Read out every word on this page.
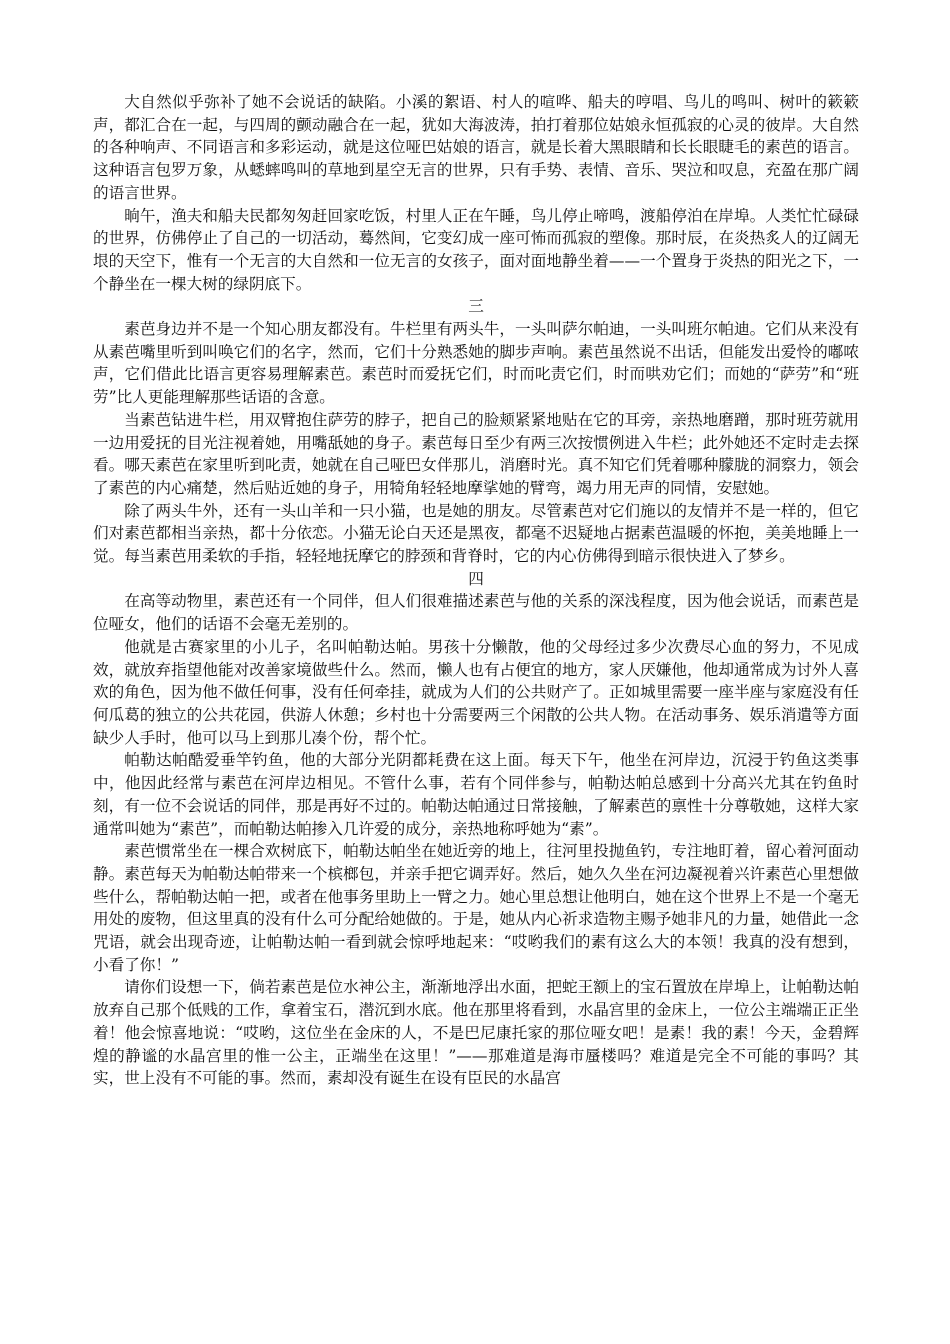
大自然似乎弥补了她不会说话的缺陷。小溪的絮语、村人的喧哗、船夫的哼唱、鸟儿的鸣叫、树叶的簌簌声，都汇合在一起，与四周的颤动融合在一起，犹如大海波涛，拍打着那位姑娘永恒孤寂的心灵的彼岸。大自然的各种响声、不同语言和多彩运动，就是这位哑巴姑娘的语言，就是长着大黑眼睛和长长眼睫毛的素芭的语言。这种语言包罗万象，从蟋蟀鸣叫的草地到星空无言的世界，只有手势、表情、音乐、哭泣和叹息，充盈在那广阔的语言世界。

晌午，渔夫和船夫民都匆匆赶回家吃饭，村里人正在午睡，鸟儿停止啼鸣，渡船停泊在岸埠。人类忙忙碌碌的世界，仿佛停止了自己的一切活动，蓦然间，它变幻成一座可怖而孤寂的塑像。那时辰，在炎热炙人的辽阔无垠的天空下，惟有一个无言的大自然和一位无言的女孩子，面对面地静坐着——一个置身于炎热的阳光之下，一个静坐在一棵大树的绿阴底下。

三

素芭身边并不是一个知心朋友都没有。牛栏里有两头牛，一头叫萨尔帕迪，一头叫班尔帕迪。它们从来没有从素芭嘴里听到叫唤它们的名字，然而，它们十分熟悉她的脚步声响。素芭虽然说不出话，但能发出爱怜的嘟哝声，它们借此比语言更容易理解素芭。素芭时而爱抚它们，时而叱责它们，时而哄劝它们；而她的“萨劳”和“班劳”比人更能理解那些话语的含意。

当素芭钻进牛栏，用双臂抱住萨劳的脖子，把自己的脸颊紧紧地贴在它的耳旁，亲热地磨蹭，那时班劳就用一边用爱抚的目光注视着她，用嘴舐她的身子。素芭每日至少有两三次按惯例进入牛栏；此外她还不定时走去探看。哪天素芭在家里听到叱责，她就在自己哑巴女伴那儿，消磨时光。真不知它们凭着哪种朦胧的洞察力，领会了素芭的内心痛楚，然后贴近她的身子，用犄角轻轻地摩挲她的臂弯，竭力用无声的同情，安慰她。

除了两头牛外，还有一头山羊和一只小猫，也是她的朋友。尽管素芭对它们施以的友情并不是一样的，但它们对素芭都相当亲热，都十分依恋。小猫无论白天还是黑夜，都毫不迟疑地占据素芭温暖的怀抱，美美地睡上一觉。每当素芭用柔软的手指，轻轻地抚摩它的脖颈和背脊时，它的内心仿佛得到暗示很快进入了梦乡。

四

在高等动物里，素芭还有一个同伴，但人们很难描述素芭与他的关系的深浅程度，因为他会说话，而素芭是位哑女，他们的话语不会毫无差别的。

他就是古赛家里的小儿子，名叫帕勒达帕。男孩十分懒散，他的父母经过多少次费尽心血的努力，不见成效，就放弃指望他能对改善家境做些什么。然而，懒人也有占便宜的地方，家人厌嫌他，他却通常成为讨外人喜欢的角色，因为他不做任何事，没有任何牵挂，就成为人们的公共财产了。正如城里需要一座半座与家庭没有任何瓜葛的独立的公共花园，供游人休憩；乡村也十分需要两三个闲散的公共人物。在活动事务、娱乐消遣等方面缺少人手时，他可以马上到那儿凑个份，帮个忙。

帕勒达帕酷爱垂竿钓鱼，他的大部分光阴都耗费在这上面。每天下午，他坐在河岸边，沉浸于钓鱼这类事中，他因此经常与素芭在河岸边相见。不管什么事，若有个同伴参与，帕勒达帕总感到十分高兴尤其在钓鱼时刻，有一位不会说话的同伴，那是再好不过的。帕勒达帕通过日常接触，了解素芭的禀性十分尊敬她，这样大家通常叫她为“素芭”，而帕勒达帕掺入几许爱的成分，亲热地称呼她为“素”。

素芭惯常坐在一棵合欢树底下，帕勒达帕坐在她近旁的地上，往河里投抛鱼钓，专注地盯着，留心着河面动静。素芭每天为帕勒达帕带来一个槟榔包，并亲手把它调弄好。然后，她久久坐在河边凝视着兴许素芭心里想做些什么，帮帕勒达帕一把，或者在他事务里助上一臂之力。她心里总想让他明白，她在这个世界上不是一个毫无用处的废物，但这里真的没有什么可分配给她做的。于是，她从内心祈求造物主赐予她非凡的力量，她借此一念咒语，就会出现奇迹，让帕勒达帕一看到就会惊呼地起来：“哎哟我们的素有这么大的本领！我真的没有想到，小看了你！”

请你们设想一下，倘若素芭是位水神公主，渐渐地浮出水面，把蛇王额上的宝石置放在岸埠上，让帕勒达帕放弃自己那个低贱的工作，拿着宝石，潜沉到水底。他在那里将看到，水晶宫里的金床上，一位公主端端正正坐着！他会惊喜地说：“哎哟，这位坐在金床的人，不是巴尼康托家的那位哑女吧！是素！我的素！今天，金碧辉煌的静谧的水晶宫里的惟一公主，正端坐在这里！”——那难道是海市蜃楼吗？难道是完全不可能的事吗？其实，世上没有不可能的事。然而，素却没有诞生在设有臣民的水晶宫
